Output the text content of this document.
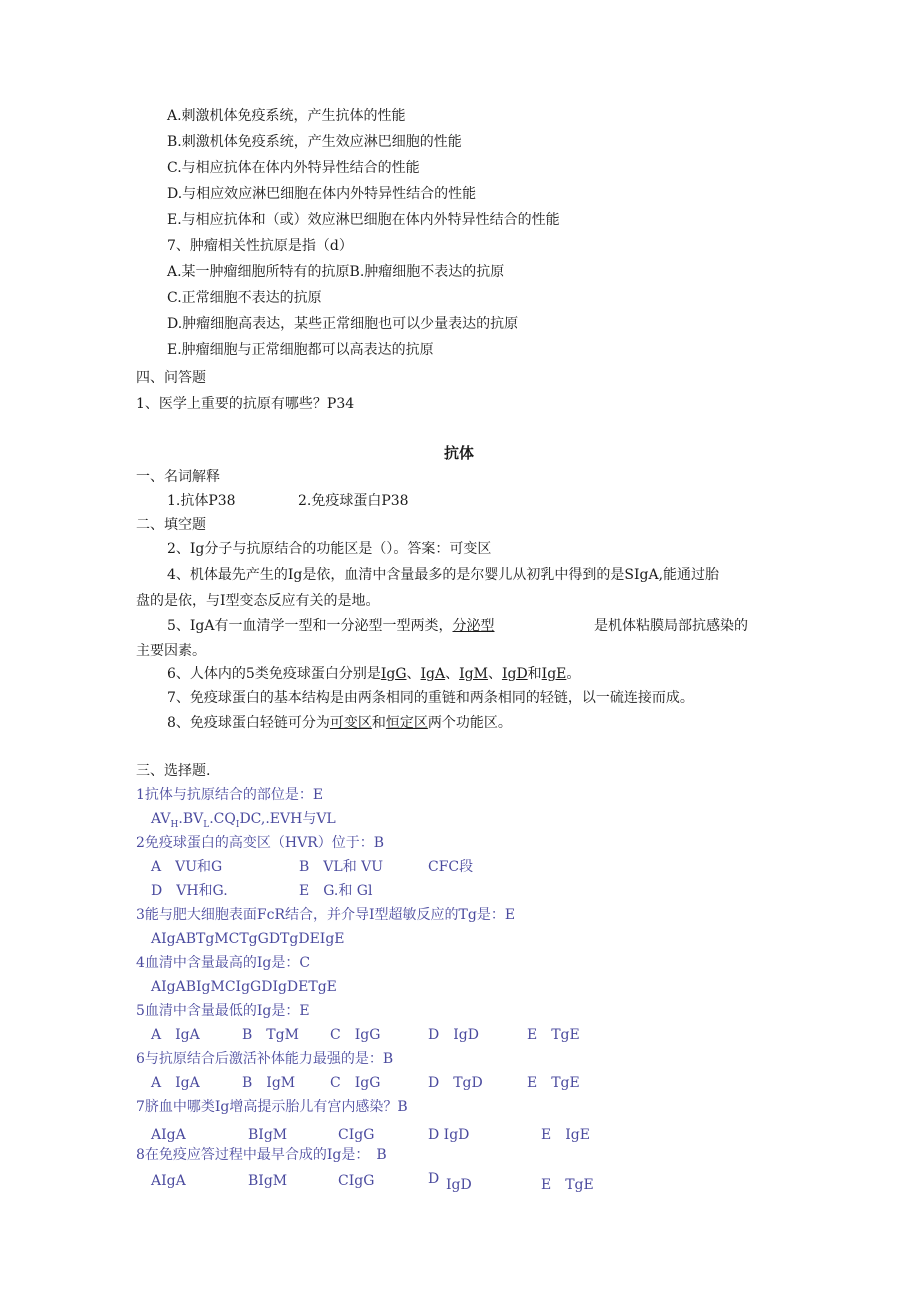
A.刺激机体免疫系统，产生抗体的性能
B.刺激机体免疫系统，产生效应淋巴细胞的性能
C.与相应抗体在体内外特异性结合的性能
D.与相应效应淋巴细胞在体内外特异性结合的性能
E.与相应抗体和（或）效应淋巴细胞在体内外特异性结合的性能
7、肿瘤相关性抗原是指（d）
A.某一肿瘤细胞所特有的抗原B.肿瘤细胞不表达的抗原
C.正常细胞不表达的抗原
D.肿瘤细胞高表达，某些正常细胞也可以少量表达的抗原
E.肿瘤细胞与正常细胞都可以高表达的抗原
四、问答题
1、医学上重要的抗原有哪些？P34
抗体
一、名词解释
1.抗体P38	2.免疫球蛋白P38
二、填空题
2、Ig分子与抗原结合的功能区是（）。答案：可变区
4、机体最先产生的Ig是依，血清中含量最多的是尔婴儿从初乳中得到的是SIgA,能通过胎
盘的是依，与I型变态反应有关的是地。
5、IgA有一血清学一型和一分泌型一型两类，分泌型	是机体粘膜局部抗感染的
主要因素。
6、人体内的5类免疫球蛋白分别是IgG、IgA、IgM、IgD和IgE。
7、免疫球蛋白的基本结构是由两条相同的重链和两条相同的轻链，以一硫连接而成。
8、免疫球蛋白轻链可分为可变区和恒定区两个功能区。
三、选择题.
1抗体与抗原结合的部位是：E
$AV_H.BV_L.CQ_IDC,.EVH$与VL
2免疫球蛋白的高变区（HVR）位于：B
A　VU和G	B　VL和 VU	CFC段
D　VH和G.	E　G.和 Gl
3能与肥大细胞表面FcR结合，并介导I型超敏反应的Tg是：E
AIgABTgMCTgGDTgDEIgE
4血清中含量最高的Ig是：C
AIgABIgMCIgGDIgDETgE
5血清中含量最低的Ig是：E
A　IgA	B　TgM C　IgG	D　IgD	E　TgE
6与抗原结合后激活补体能力最强的是：B
A　IgA	B　IgM C　IgG	D　TgD	E　TgE
7脐血中哪类Ig增高提示胎儿有宫内感染？B
AIgA	BIgM	CIgG	D IgD	E　IgE
8在免疫应答过程中最早合成的Ig是：　B
AIgA	BIgM	CIgG	D IgD	E　TgE
